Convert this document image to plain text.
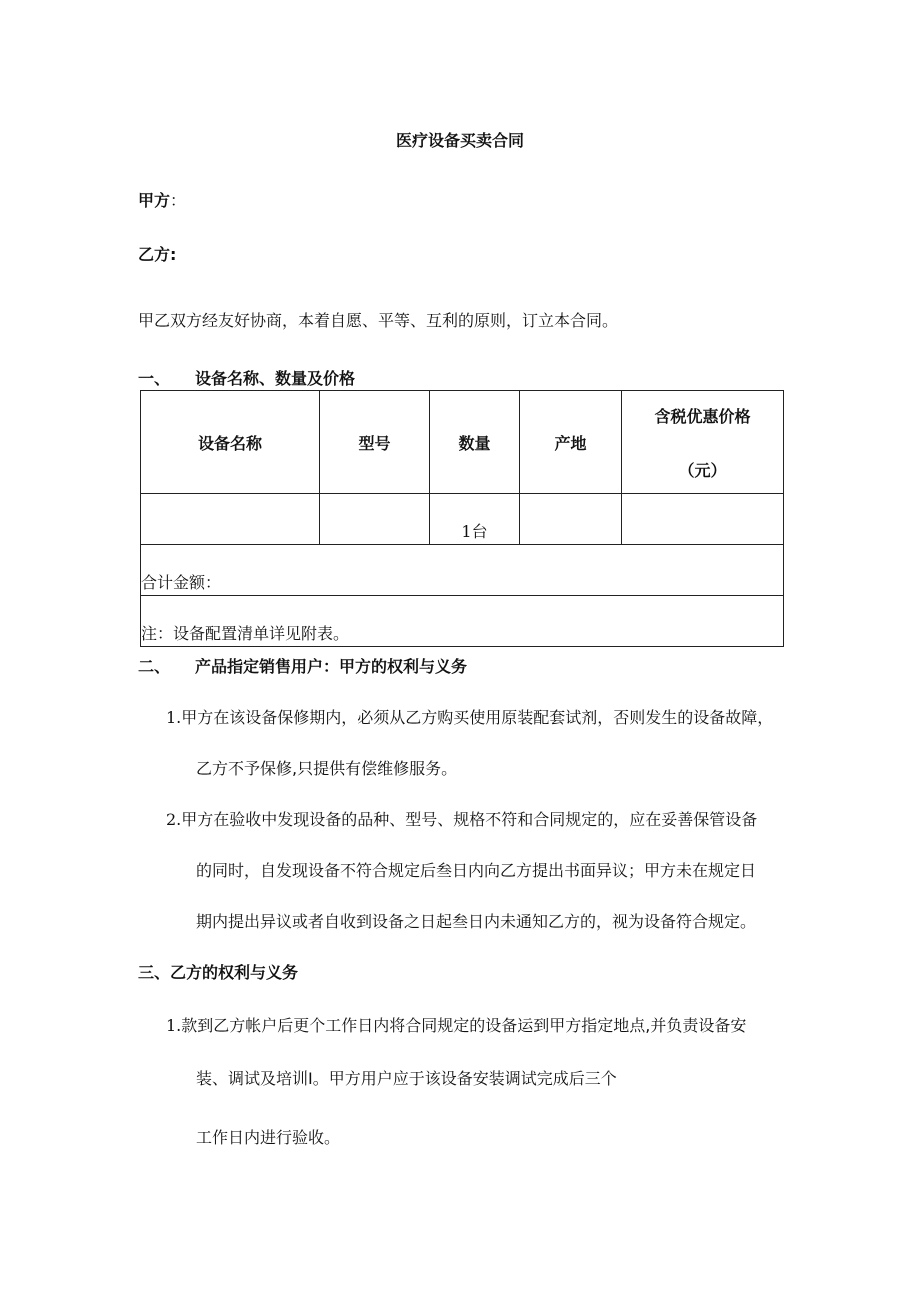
医疗设备买卖合同
甲方：
乙方:
甲乙双方经友好协商，本着自愿、平等、互利的原则，订立本合同。
一、 设备名称、数量及价格
设备名称	型号	数量	产地	含税优惠价格
（元）

		1台		
合计金额：				
注：设备配置清单详见附表。				
二、 产品指定销售用户：甲方的权利与义务
1.甲方在该设备保修期内，必须从乙方购买使用原装配套试剂，否则发生的设备故障，
乙方不予保修,只提供有偿维修服务。
2.甲方在验收中发现设备的品种、型号、规格不符和合同规定的，应在妥善保管设备
的同时，自发现设备不符合规定后叁日内向乙方提出书面异议；甲方未在规定日
期内提出异议或者自收到设备之日起叁日内未通知乙方的，视为设备符合规定。
三、乙方的权利与义务
1.款到乙方帐户后更个工作日内将合同规定的设备运到甲方指定地点,并负责设备安
装、调试及培训I。甲方用户应于该设备安装调试完成后三个
工作日内进行验收。
